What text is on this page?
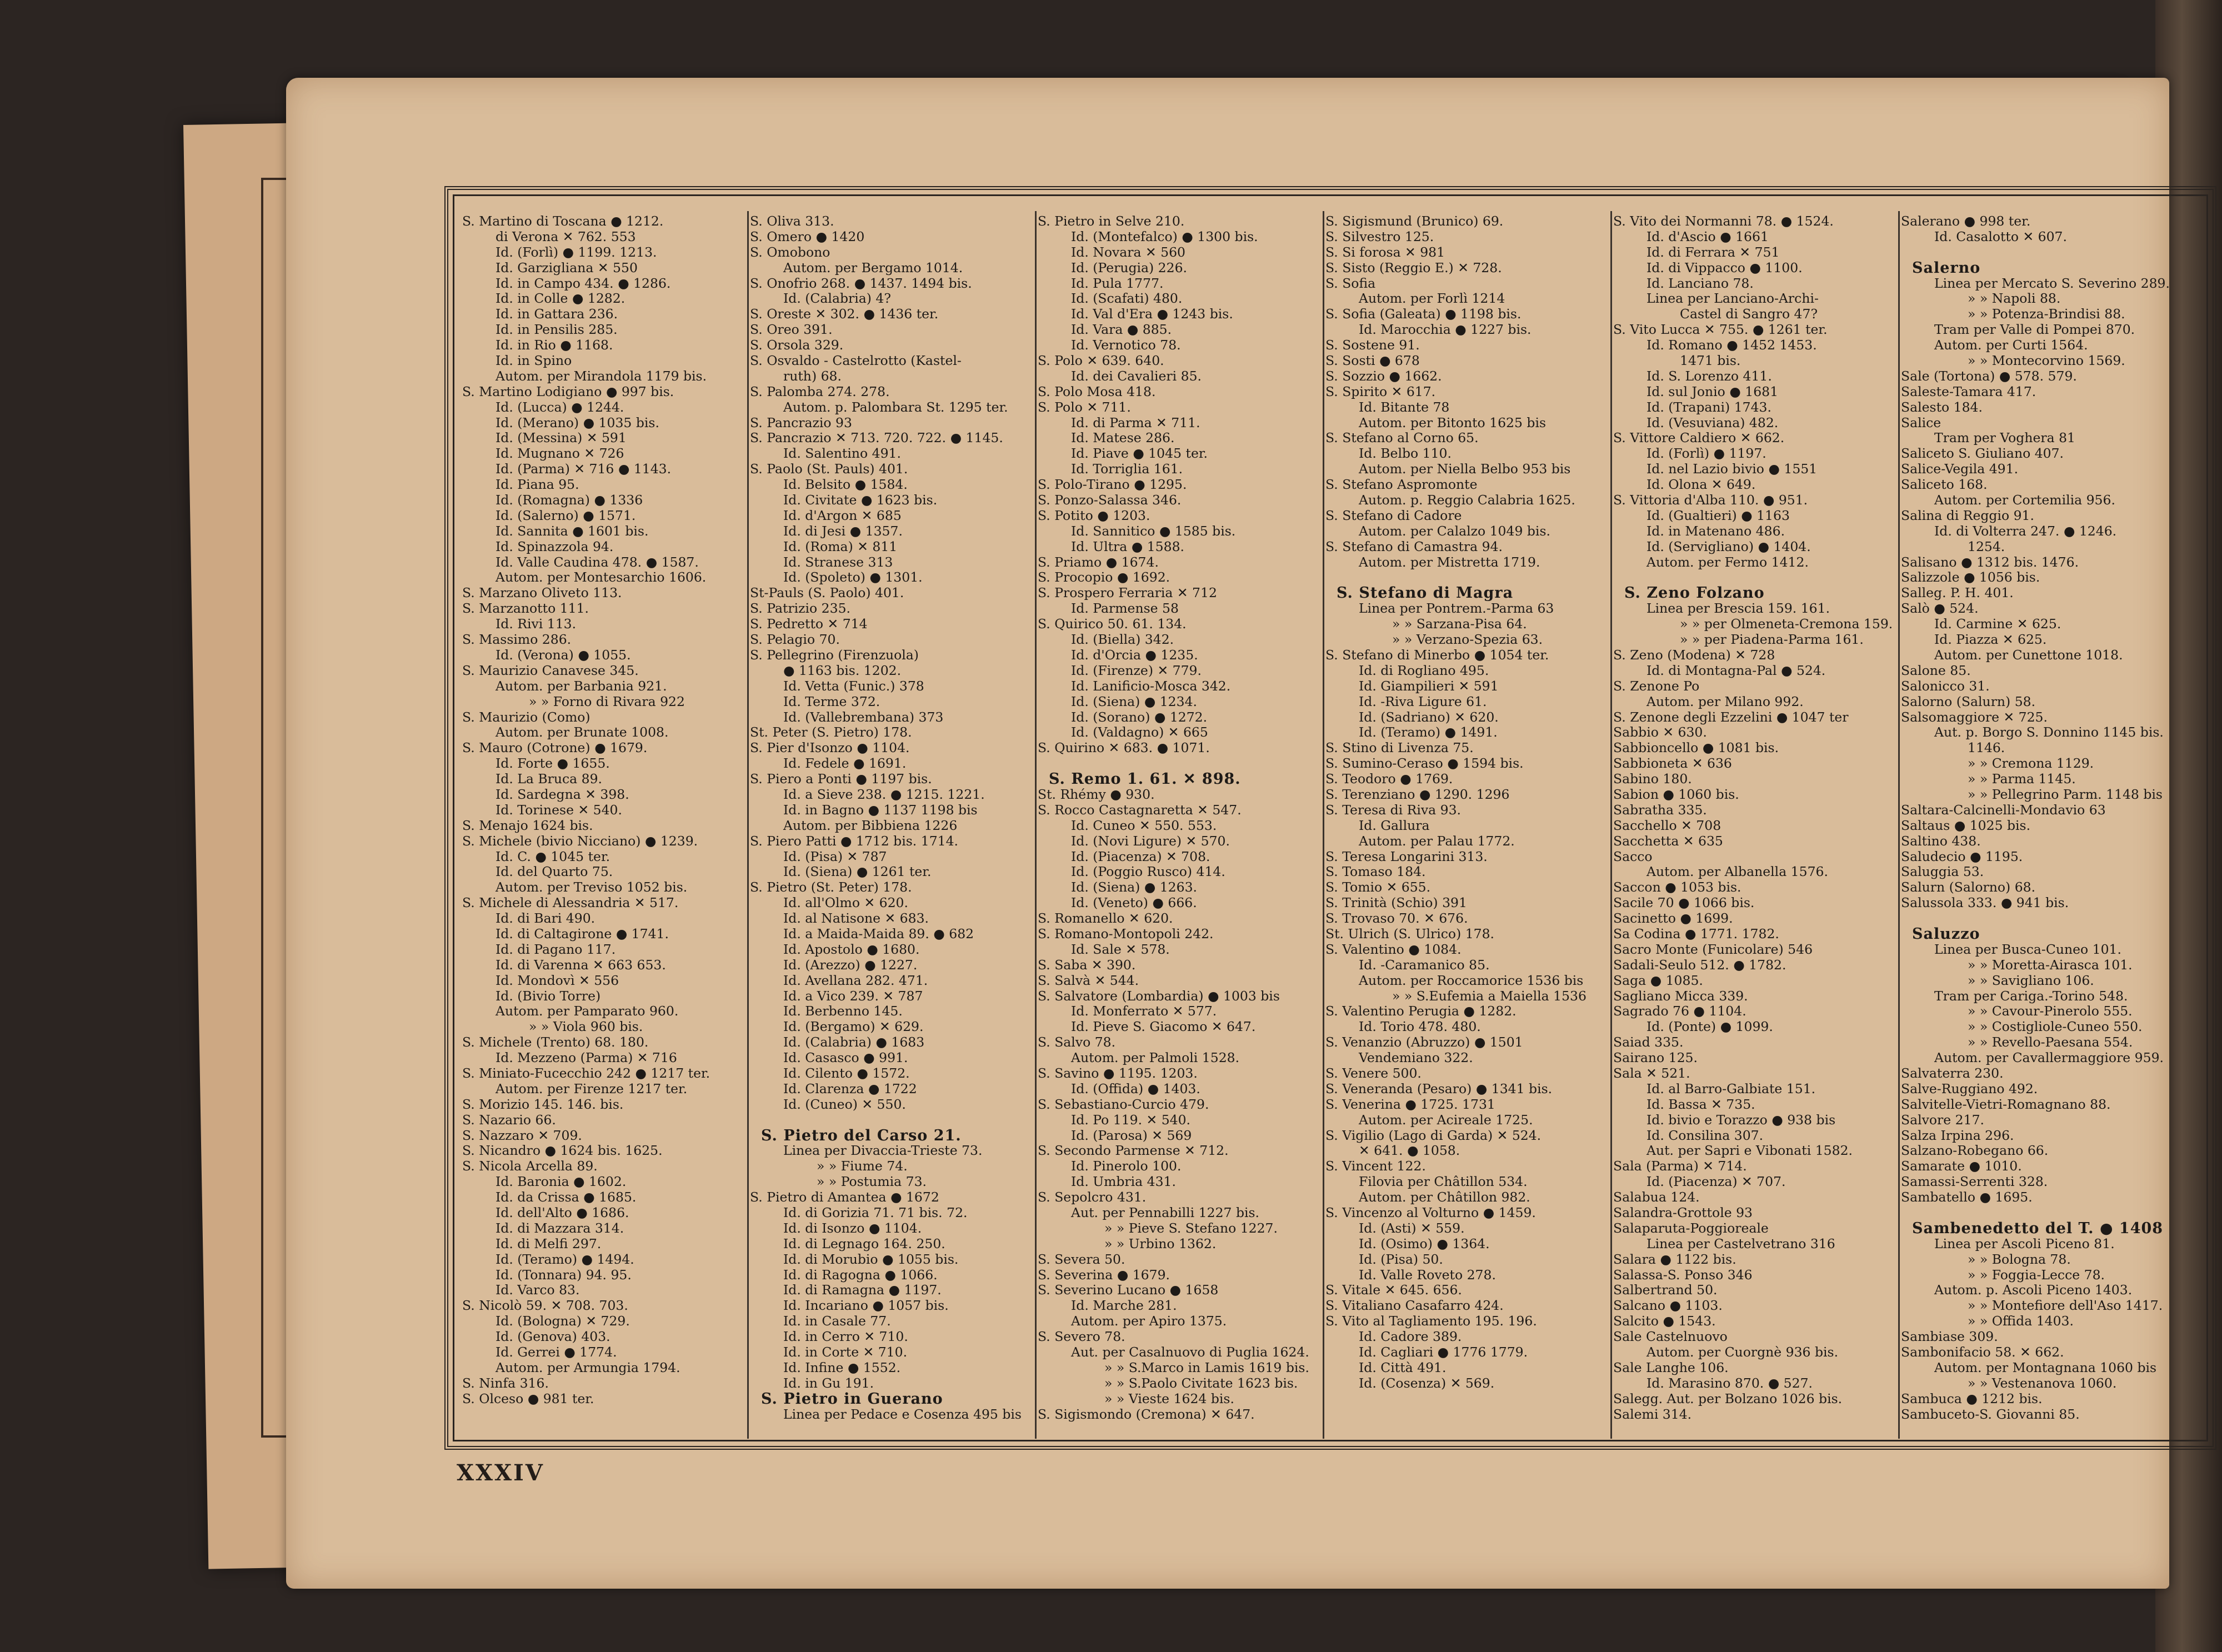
S. Martino di Toscana ● 1212.
di Verona ✕ 762. 553
Id. (Forlì) ● 1199. 1213.
Id. Garzigliana ✕ 550
Id. in Campo 434. ● 1286.
Id. in Colle ● 1282.
Id. in Gattara 236.
Id. in Pensilis 285.
Id. in Rio ● 1168.
Id. in Spino
Autom. per Mirandola 1179 bis.
S. Martino Lodigiano ● 997 bis.
Id. (Lucca) ● 1244.
Id. (Merano) ● 1035 bis.
Id. (Messina) ✕ 591
Id. Mugnano ✕ 726
Id. (Parma) ✕ 716 ● 1143.
Id. Piana 95.
Id. (Romagna) ● 1336
Id. (Salerno) ● 1571.
Id. Sannita ● 1601 bis.
Id. Spinazzola 94.
Id. Valle Caudina 478. ● 1587.
Autom. per Montesarchio 1606.
S. Marzano Oliveto 113.
S. Marzanotto 111.
Id. Rivi 113.
S. Massimo 286.
Id. (Verona) ● 1055.
S. Maurizio Canavese 345.
Autom. per Barbania 921.
» » Forno di Rivara 922
S. Maurizio (Como)
Autom. per Brunate 1008.
S. Mauro (Cotrone) ● 1679.
Id. Forte ● 1655.
Id. La Bruca 89.
Id. Sardegna ✕ 398.
Id. Torinese ✕ 540.
S. Menajo 1624 bis.
S. Michele (bivio Nicciano) ● 1239.
Id. C. ● 1045 ter.
Id. del Quarto 75.
Autom. per Treviso 1052 bis.
S. Michele di Alessandria ✕ 517.
Id. di Bari 490.
Id. di Caltagirone ● 1741.
Id. di Pagano 117.
Id. di Varenna ✕ 663 653.
Id. Mondovì ✕ 556
Id. (Bivio Torre)
Autom. per Pamparato 960.
» » Viola 960 bis.
S. Michele (Trento) 68. 180.
Id. Mezzeno (Parma) ✕ 716
S. Miniato-Fucecchio 242 ● 1217 ter.
Autom. per Firenze 1217 ter.
S. Morizio 145. 146. bis.
S. Nazario 66.
S. Nazzaro ✕ 709.
S. Nicandro ● 1624 bis. 1625.
S. Nicola Arcella 89.
Id. Baronia ● 1602.
Id. da Crissa ● 1685.
Id. dell'Alto ● 1686.
Id. di Mazzara 314.
Id. di Melfi 297.
Id. (Teramo) ● 1494.
Id. (Tonnara) 94. 95.
Id. Varco 83.
S. Nicolò 59. ✕ 708. 703.
Id. (Bologna) ✕ 729.
Id. (Genova) 403.
Id. Gerrei ● 1774.
Autom. per Armungia 1794.
S. Ninfa 316.
S. Olceso ● 981 ter.
S. Oliva 313.
S. Omero ● 1420
S. Omobono
Autom. per Bergamo 1014.
S. Onofrio 268. ● 1437. 1494 bis.
Id. (Calabria) 4?
S. Oreste ✕ 302. ● 1436 ter.
S. Oreo 391.
S. Orsola 329.
S. Osvaldo - Castelrotto (Kastel-
ruth) 68.
S. Palomba 274. 278.
Autom. p. Palombara St. 1295 ter.
S. Pancrazio 93
S. Pancrazio ✕ 713. 720. 722. ● 1145.
Id. Salentino 491.
S. Paolo (St. Pauls) 401.
Id. Belsito ● 1584.
Id. Civitate ● 1623 bis.
Id. d'Argon ✕ 685
Id. di Jesi ● 1357.
Id. (Roma) ✕ 811
Id. Stranese 313
Id. (Spoleto) ● 1301.
St-Pauls (S. Paolo) 401.
S. Patrizio 235.
S. Pedretto ✕ 714
S. Pelagio 70.
S. Pellegrino (Firenzuola)
● 1163 bis. 1202.
Id. Vetta (Funic.) 378
Id. Terme 372.
Id. (Vallebrembana) 373
St. Peter (S. Pietro) 178.
S. Pier d'Isonzo ● 1104.
Id. Fedele ● 1691.
S. Piero a Ponti ● 1197 bis.
Id. a Sieve 238. ● 1215. 1221.
Id. in Bagno ● 1137 1198 bis
Autom. per Bibbiena 1226
S. Piero Patti ● 1712 bis. 1714.
Id. (Pisa) ✕ 787
Id. (Siena) ● 1261 ter.
S. Pietro (St. Peter) 178.
Id. all'Olmo ✕ 620.
Id. al Natisone ✕ 683.
Id. a Maida-Maida 89. ● 682
Id. Apostolo ● 1680.
Id. (Arezzo) ● 1227.
Id. Avellana 282. 471.
Id. a Vico 239. ✕ 787
Id. Berbenno 145.
Id. (Bergamo) ✕ 629.
Id. (Calabria) ● 1683
Id. Casasco ● 991.
Id. Cilento ● 1572.
Id. Clarenza ● 1722
Id. (Cuneo) ✕ 550.

S. Pietro del Carso 21.
Linea per Divaccia-Trieste 73.
» » Fiume 74.
» » Postumia 73.
S. Pietro di Amantea ● 1672
Id. di Gorizia 71. 71 bis. 72.
Id. di Isonzo ● 1104.
Id. di Legnago 164. 250.
Id. di Morubio ● 1055 bis.
Id. di Ragogna ● 1066.
Id. di Ramagna ● 1197.
Id. Incariano ● 1057 bis.
Id. in Casale 77.
Id. in Cerro ✕ 710.
Id. in Corte ✕ 710.
Id. Infine ● 1552.
Id. in Gu 191.
S. Pietro in Guerano
Linea per Pedace e Cosenza 495 bis
S. Pietro in Selve 210.
Id. (Montefalco) ● 1300 bis.
Id. Novara ✕ 560
Id. (Perugia) 226.
Id. Pula 1777.
Id. (Scafati) 480.
Id. Val d'Era ● 1243 bis.
Id. Vara ● 885.
Id. Vernotico 78.
S. Polo ✕ 639. 640.
Id. dei Cavalieri 85.
S. Polo Mosa 418.
S. Polo ✕ 711.
Id. di Parma ✕ 711.
Id. Matese 286.
Id. Piave ● 1045 ter.
Id. Torriglia 161.
S. Polo-Tirano ● 1295.
S. Ponzo-Salassa 346.
S. Potito ● 1203.
Id. Sannitico ● 1585 bis.
Id. Ultra ● 1588.
S. Priamo ● 1674.
S. Procopio ● 1692.
S. Prospero Ferraria ✕ 712
Id. Parmense 58
S. Quirico 50. 61. 134.
Id. (Biella) 342.
Id. d'Orcia ● 1235.
Id. (Firenze) ✕ 779.
Id. Lanificio-Mosca 342.
Id. (Siena) ● 1234.
Id. (Sorano) ● 1272.
Id. (Valdagno) ✕ 665
S. Quirino ✕ 683. ● 1071.

S. Remo 1. 61. ✕ 898.
St. Rhémy ● 930.
S. Rocco Castagnaretta ✕ 547.
Id. Cuneo ✕ 550. 553.
Id. (Novi Ligure) ✕ 570.
Id. (Piacenza) ✕ 708.
Id. (Poggio Rusco) 414.
Id. (Siena) ● 1263.
Id. (Veneto) ● 666.
S. Romanello ✕ 620.
S. Romano-Montopoli 242.
Id. Sale ✕ 578.
S. Saba ✕ 390.
S. Salvà ✕ 544.
S. Salvatore (Lombardia) ● 1003 bis
Id. Monferrato ✕ 577.
Id. Pieve S. Giacomo ✕ 647.
S. Salvo 78.
Autom. per Palmoli 1528.
S. Savino ● 1195. 1203.
Id. (Offida) ● 1403.
S. Sebastiano-Curcio 479.
Id. Po 119. ✕ 540.
Id. (Parosa) ✕ 569
S. Secondo Parmense ✕ 712.
Id. Pinerolo 100.
Id. Umbria 431.
S. Sepolcro 431.
Aut. per Pennabilli 1227 bis.
» » Pieve S. Stefano 1227.
» » Urbino 1362.
S. Severa 50.
S. Severina ● 1679.
S. Severino Lucano ● 1658
Id. Marche 281.
Autom. per Apiro 1375.
S. Severo 78.
Aut. per Casalnuovo di Puglia 1624.
» » S.Marco in Lamis 1619 bis.
» » S.Paolo Civitate 1623 bis.
» » Vieste 1624 bis.
S. Sigismondo (Cremona) ✕ 647.
S. Sigismund (Brunico) 69.
S. Silvestro 125.
S. Si forosa ✕ 981
S. Sisto (Reggio E.) ✕ 728.
S. Sofia
Autom. per Forlì 1214
S. Sofia (Galeata) ● 1198 bis.
Id. Marocchia ● 1227 bis.
S. Sostene 91.
S. Sosti ● 678
S. Sozzio ● 1662.
S. Spirito ✕ 617.
Id. Bitante 78
Autom. per Bitonto 1625 bis
S. Stefano al Corno 65.
Id. Belbo 110.
Autom. per Niella Belbo 953 bis
S. Stefano Aspromonte
Autom. p. Reggio Calabria 1625.
S. Stefano di Cadore
Autom. per Calalzo 1049 bis.
S. Stefano di Camastra 94.
Autom. per Mistretta 1719.

S. Stefano di Magra
Linea per Pontrem.-Parma 63
» » Sarzana-Pisa 64.
» » Verzano-Spezia 63.
S. Stefano di Minerbo ● 1054 ter.
Id. di Rogliano 495.
Id. Giampilieri ✕ 591
Id. -Riva Ligure 61.
Id. (Sadriano) ✕ 620.
Id. (Teramo) ● 1491.
S. Stino di Livenza 75.
S. Sumino-Ceraso ● 1594 bis.
S. Teodoro ● 1769.
S. Terenziano ● 1290. 1296
S. Teresa di Riva 93.
Id. Gallura
Autom. per Palau 1772.
S. Teresa Longarini 313.
S. Tomaso 184.
S. Tomio ✕ 655.
S. Trinità (Schio) 391
S. Trovaso 70. ✕ 676.
St. Ulrich (S. Ulrico) 178.
S. Valentino ● 1084.
Id. -Caramanico 85.
Autom. per Roccamorice 1536 bis
» » S.Eufemia a Maiella 1536
S. Valentino Perugia ● 1282.
Id. Torio 478. 480.
S. Venanzio (Abruzzo) ● 1501
Vendemiano 322.
S. Venere 500.
S. Veneranda (Pesaro) ● 1341 bis.
S. Venerina ● 1725. 1731
Autom. per Acireale 1725.
S. Vigilio (Lago di Garda) ✕ 524.
✕ 641. ● 1058.
S. Vincent 122.
Filovia per Châtillon 534.
Autom. per Châtillon 982.
S. Vincenzo al Volturno ● 1459.
Id. (Asti) ✕ 559.
Id. (Osimo) ● 1364.
Id. (Pisa) 50.
Id. Valle Roveto 278.
S. Vitale ✕ 645. 656.
S. Vitaliano Casafarro 424.
S. Vito al Tagliamento 195. 196.
Id. Cadore 389.
Id. Cagliari ● 1776 1779.
Id. Città 491.
Id. (Cosenza) ✕ 569.
S. Vito dei Normanni 78. ● 1524.
Id. d'Ascio ● 1661
Id. di Ferrara ✕ 751
Id. di Vippacco ● 1100.
Id. Lanciano 78.
Linea per Lanciano-Archi-
Castel di Sangro 47?
S. Vito Lucca ✕ 755. ● 1261 ter.
Id. Romano ● 1452 1453.
1471 bis.
Id. S. Lorenzo 411.
Id. sul Jonio ● 1681
Id. (Trapani) 1743.
Id. (Vesuviana) 482.
S. Vittore Caldiero ✕ 662.
Id. (Forlì) ● 1197.
Id. nel Lazio bivio ● 1551
Id. Olona ✕ 649.
S. Vittoria d'Alba 110. ● 951.
Id. (Gualtieri) ● 1163
Id. in Matenano 486.
Id. (Servigliano) ● 1404.
Autom. per Fermo 1412.

S. Zeno Folzano
Linea per Brescia 159. 161.
» » per Olmeneta-Cremona 159.
» » per Piadena-Parma 161.
S. Zeno (Modena) ✕ 728
Id. di Montagna-Pal ● 524.
S. Zenone Po
Autom. per Milano 992.
S. Zenone degli Ezzelini ● 1047 ter
Sabbio ✕ 630.
Sabbioncello ● 1081 bis.
Sabbioneta ✕ 636
Sabino 180.
Sabion ● 1060 bis.
Sabratha 335.
Sacchello ✕ 708
Sacchetta ✕ 635
Sacco
Autom. per Albanella 1576.
Saccon ● 1053 bis.
Sacile 70 ● 1066 bis.
Sacinetto ● 1699.
Sa Codina ● 1771. 1782.
Sacro Monte (Funicolare) 546
Sadali-Seulo 512. ● 1782.
Saga ● 1085.
Sagliano Micca 339.
Sagrado 76 ● 1104.
Id. (Ponte) ● 1099.
Saiad 335.
Sairano 125.
Sala ✕ 521.
Id. al Barro-Galbiate 151.
Id. Bassa ✕ 735.
Id. bivio e Torazzo ● 938 bis
Id. Consilina 307.
Aut. per Sapri e Vibonati 1582.
Sala (Parma) ✕ 714.
Id. (Piacenza) ✕ 707.
Salabua 124.
Salandra-Grottole 93
Salaparuta-Poggioreale
Linea per Castelvetrano 316
Salara ● 1122 bis.
Salassa-S. Ponso 346
Salbertrand 50.
Salcano ● 1103.
Salcito ● 1543.
Sale Castelnuovo
Autom. per Cuorgnè 936 bis.
Sale Langhe 106.
Id. Marasino 870. ● 527.
Salegg. Aut. per Bolzano 1026 bis.
Salemi 314.
Salerano ● 998 ter.
Id. Casalotto ✕ 607.

Salerno
Linea per Mercato S. Severino 289.
» » Napoli 88.
» » Potenza-Brindisi 88.
Tram per Valle di Pompei 870.
Autom. per Curti 1564.
» » Montecorvino 1569.
Sale (Tortona) ● 578. 579.
Saleste-Tamara 417.
Salesto 184.
Salice
Tram per Voghera 81
Saliceto S. Giuliano 407.
Salice-Vegila 491.
Saliceto 168.
Autom. per Cortemilia 956.
Salina di Reggio 91.
Id. di Volterra 247. ● 1246.
1254.
Salisano ● 1312 bis. 1476.
Salizzole ● 1056 bis.
Salleg. P. H. 401.
Salò ● 524.
Id. Carmine ✕ 625.
Id. Piazza ✕ 625.
Autom. per Cunettone 1018.
Salone 85.
Salonicco 31.
Salorno (Salurn) 58.
Salsomaggiore ✕ 725.
Aut. p. Borgo S. Donnino 1145 bis.
1146.
» » Cremona 1129.
» » Parma 1145.
» » Pellegrino Parm. 1148 bis
Saltara-Calcinelli-Mondavio 63
Saltaus ● 1025 bis.
Saltino 438.
Saludecio ● 1195.
Saluggia 53.
Salurn (Salorno) 68.
Salussola 333. ● 941 bis.

Saluzzo
Linea per Busca-Cuneo 101.
» » Moretta-Airasca 101.
» » Savigliano 106.
Tram per Cariga.-Torino 548.
» » Cavour-Pinerolo 555.
» » Costigliole-Cuneo 550.
» » Revello-Paesana 554.
Autom. per Cavallermaggiore 959.
Salvaterra 230.
Salve-Ruggiano 492.
Salvitelle-Vietri-Romagnano 88.
Salvore 217.
Salza Irpina 296.
Salzano-Robegano 66.
Samarate ● 1010.
Samassi-Serrenti 328.
Sambatello ● 1695.

Sambenedetto del T. ● 1408
Linea per Ascoli Piceno 81.
» » Bologna 78.
» » Foggia-Lecce 78.
Autom. p. Ascoli Piceno 1403.
» » Montefiore dell'Aso 1417.
» » Offida 1403.
Sambiase 309.
Sambonifacio 58. ✕ 662.
Autom. per Montagnana 1060 bis
» » Vestenanova 1060.
Sambuca ● 1212 bis.
Sambuceto-S. Giovanni 85.
XXXIV
